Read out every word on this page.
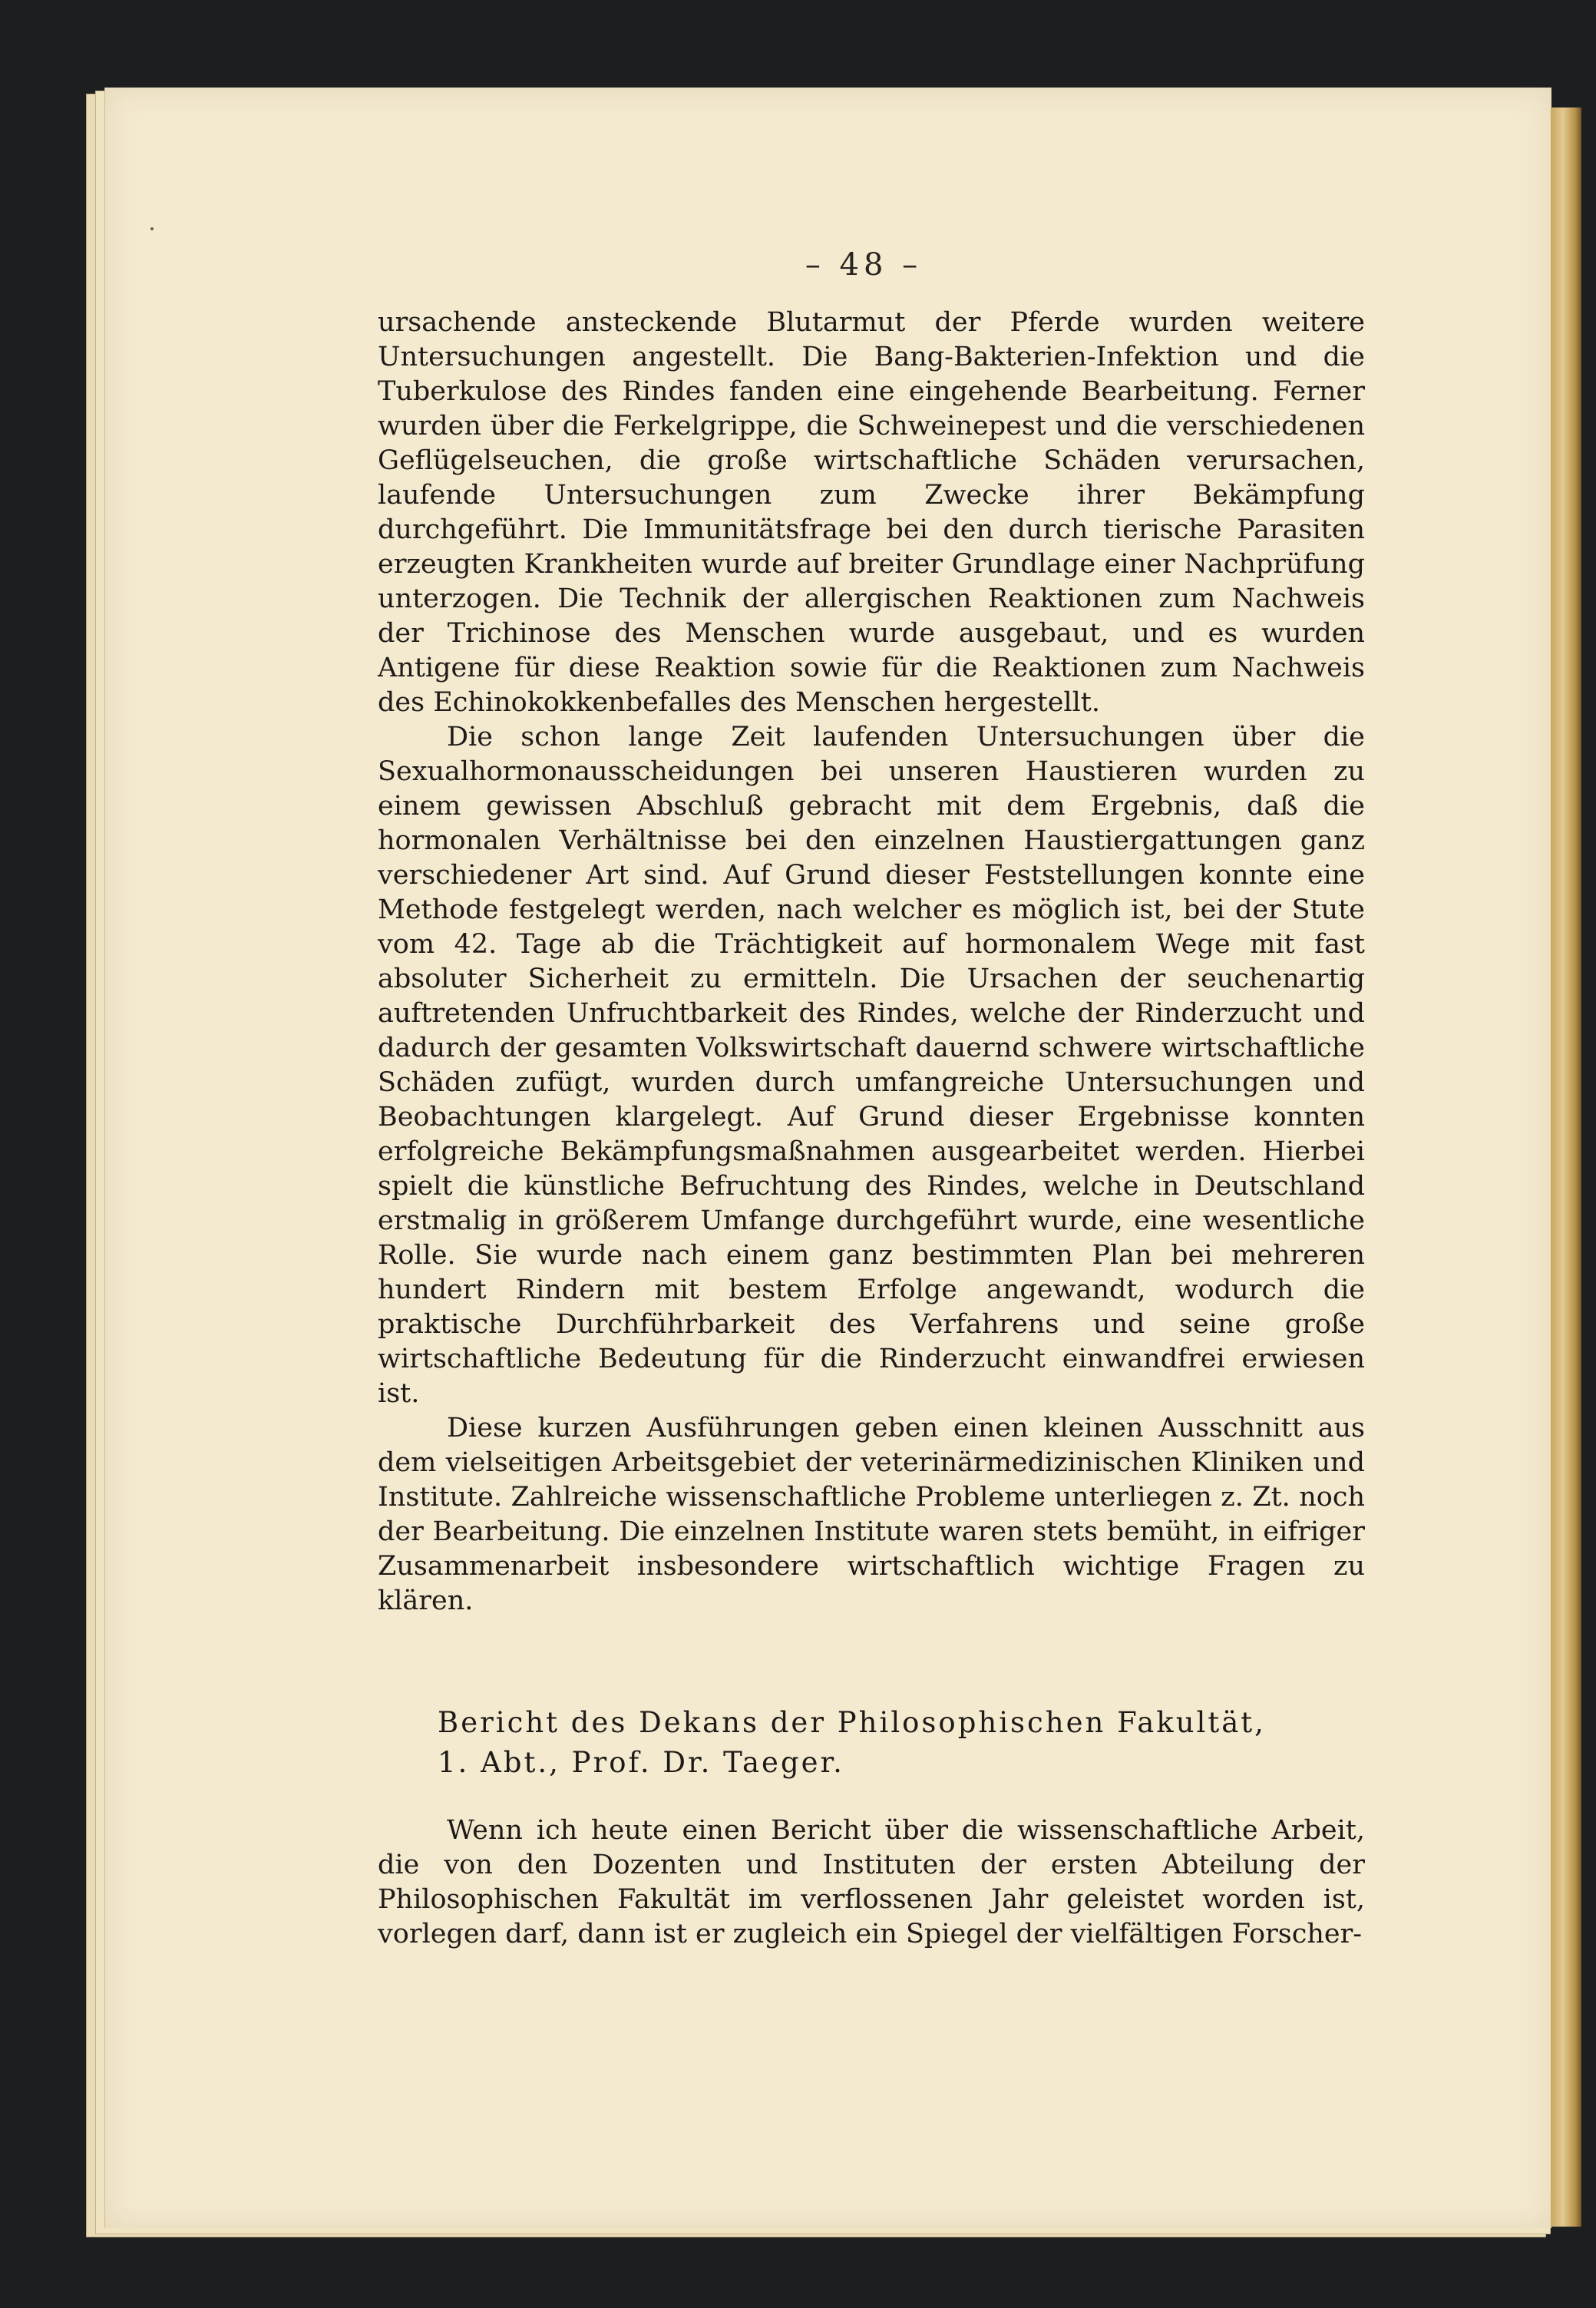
– 48 –

ursachende ansteckende Blutarmut der Pferde wurden weitere Untersuchungen angestellt. Die Bang-Bakterien-Infektion und die Tuberkulose des Rindes fanden eine eingehende Bearbeitung. Ferner wurden über die Ferkelgrippe, die Schweinepest und die verschiedenen Geflügelseuchen, die große wirtschaftliche Schäden verursachen, laufende Untersuchungen zum Zwecke ihrer Bekämpfung durchgeführt. Die Immunitätsfrage bei den durch tierische Parasiten erzeugten Krankheiten wurde auf breiter Grundlage einer Nachprüfung unterzogen. Die Technik der allergischen Reaktionen zum Nachweis der Trichinose des Menschen wurde ausgebaut, und es wurden Antigene für diese Reaktion sowie für die Reaktionen zum Nachweis des Echinokokkenbefalles des Menschen hergestellt.

Die schon lange Zeit laufenden Untersuchungen über die Sexualhormonausscheidungen bei unseren Haustieren wurden zu einem gewissen Abschluß gebracht mit dem Ergebnis, daß die hormonalen Verhältnisse bei den einzelnen Haustiergattungen ganz verschiedener Art sind. Auf Grund dieser Feststellungen konnte eine Methode festgelegt werden, nach welcher es möglich ist, bei der Stute vom 42. Tage ab die Trächtigkeit auf hormonalem Wege mit fast absoluter Sicherheit zu ermitteln. Die Ursachen der seuchenartig auftretenden Unfruchtbarkeit des Rindes, welche der Rinderzucht und dadurch der gesamten Volkswirtschaft dauernd schwere wirtschaftliche Schäden zufügt, wurden durch umfangreiche Untersuchungen und Beobachtungen klargelegt. Auf Grund dieser Ergebnisse konnten erfolgreiche Bekämpfungsmaßnahmen ausgearbeitet werden. Hierbei spielt die künstliche Befruchtung des Rindes, welche in Deutschland erstmalig in größerem Umfange durchgeführt wurde, eine wesentliche Rolle. Sie wurde nach einem ganz bestimmten Plan bei mehreren hundert Rindern mit bestem Erfolge angewandt, wodurch die praktische Durchführbarkeit des Verfahrens und seine große wirtschaftliche Bedeutung für die Rinderzucht einwandfrei erwiesen ist.

Diese kurzen Ausführungen geben einen kleinen Ausschnitt aus dem vielseitigen Arbeitsgebiet der veterinärmedizinischen Kliniken und Institute. Zahlreiche wissenschaftliche Probleme unterliegen z. Zt. noch der Bearbeitung. Die einzelnen Institute waren stets bemüht, in eifriger Zusammenarbeit insbesondere wirtschaftlich wichtige Fragen zu klären.

Bericht des Dekans der Philosophischen Fakultät,
1. Abt., Prof. Dr. Taeger.

Wenn ich heute einen Bericht über die wissenschaftliche Arbeit, die von den Dozenten und Instituten der ersten Abteilung der Philosophischen Fakultät im verflossenen Jahr geleistet worden ist, vorlegen darf, dann ist er zugleich ein Spiegel der vielfältigen Forscher-
